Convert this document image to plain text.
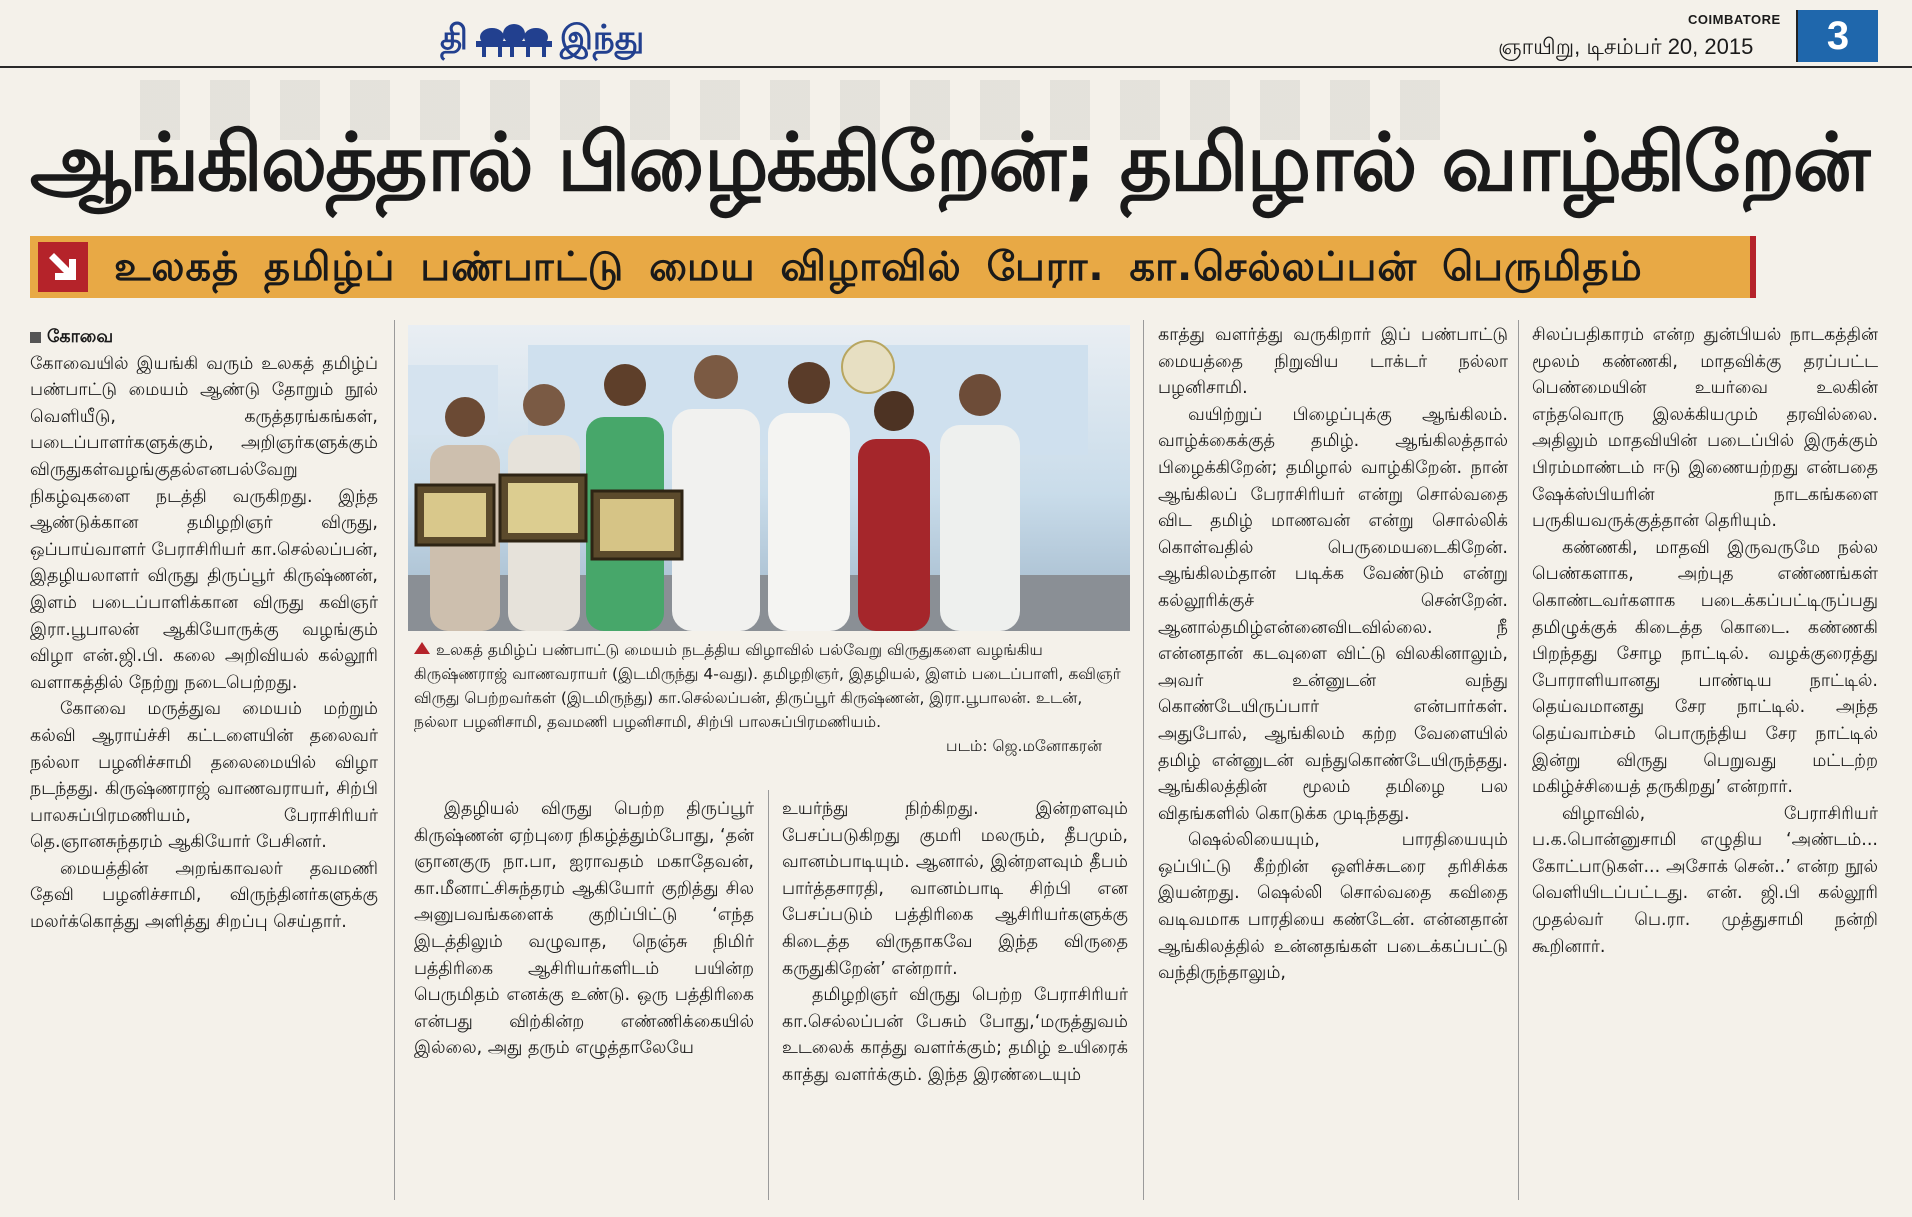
தி	இந்து	COIMBATORE
ஞாயிறு, டிசம்பர் 20, 2015	3
ஆங்கிலத்தால் பிழைக்கிறேன்; தமிழால் வாழ்கிறேன்
உலகத் தமிழ்ப் பண்பாட்டு மைய விழாவில் பேரா. கா.செல்லப்பன் பெருமிதம்
கோவை

கோவையில் இயங்கி வரும் உலகத் தமிழ்ப் பண்பாட்டு மையம் ஆண்டு தோறும் நூல் வெளியீடு, கருத்தரங்கங்கள், படைப்பாளர்களுக்கும், அறிஞர்களுக்கும் விருதுகள்வழங்குதல்எனபல்வேறு நிகழ்வுகளை நடத்தி வருகிறது. இந்த ஆண்டுக்கான தமிழறிஞர் விருது, ஒப்பாய்வாளர் பேராசிரியர் கா.செல்லப்பன், இதழியலாளர் விருது திருப்பூர் கிருஷ்ணன், இளம் படைப்பாளிக்கான விருது கவிஞர் இரா.பூபாலன் ஆகியோருக்கு வழங்கும் விழா என்.ஜி.பி. கலை அறிவியல் கல்லூரி வளாகத்தில் நேற்று நடைபெற்றது.

கோவை மருத்துவ மையம் மற்றும் கல்வி ஆராய்ச்சி கட்டளையின் தலைவர் நல்லா பழனிச்சாமி தலைமையில் விழா நடந்தது. கிருஷ்ணராஜ் வாணவராயர், சிற்பி பாலசுப்பிரமணியம், பேராசிரியர் தெ.ஞானசுந்தரம் ஆகியோர் பேசினர்.

மையத்தின் அறங்காவலர் தவமணி தேவி பழனிச்சாமி, விருந்தினர்களுக்கு மலர்க்கொத்து அளித்து சிறப்பு செய்தார்.

உலகத் தமிழ்ப் பண்பாட்டு மையம் நடத்திய விழாவில் பல்வேறு விருதுகளை வழங்கிய கிருஷ்ணராஜ் வாணவராயர் (இடமிருந்து 4-வது). தமிழறிஞர், இதழியல், இளம் படைப்பாளி, கவிஞர் விருது பெற்றவர்கள் (இடமிருந்து) கா.செல்லப்பன், திருப்பூர் கிருஷ்ணன், இரா.பூபாலன். உடன், நல்லா பழனிசாமி, தவமணி பழனிசாமி, சிற்பி பாலசுப்பிரமணியம்.
படம்: ஜெ.மனோகரன்

இதழியல் விருது பெற்ற திருப்பூர் கிருஷ்ணன் ஏற்புரை நிகழ்த்தும்போது, ‘தன் ஞானகுரு நா.பா, ஐராவதம் மகாதேவன், கா.மீனாட்சிசுந்தரம் ஆகியோர் குறித்து சில அனுபவங்களைக் குறிப்பிட்டு ‘எந்த இடத்திலும் வழுவாத, நெஞ்சு நிமிர் பத்திரிகை ஆசிரியர்களிடம் பயின்ற பெருமிதம் எனக்கு உண்டு. ஒரு பத்திரிகை என்பது விற்கின்ற எண்ணிக்கையில் இல்லை, அது தரும் எழுத்தாலேயே

உயர்ந்து நிற்கிறது. இன்றளவும் பேசப்படுகிறது குமரி மலரும், தீபமும், வானம்பாடியும். ஆனால், இன்றளவும் தீபம் பார்த்தசாரதி, வானம்பாடி சிற்பி என பேசப்படும் பத்திரிகை ஆசிரியர்களுக்கு கிடைத்த விருதாகவே இந்த விருதை கருதுகிறேன்’ என்றார்.

தமிழறிஞர் விருது பெற்ற பேராசிரியர் கா.செல்லப்பன் பேசும் போது,‘மருத்துவம் உடலைக் காத்து வளர்க்கும்; தமிழ் உயிரைக் காத்து வளர்க்கும். இந்த இரண்டையும்

காத்து வளர்த்து வருகிறார் இப் பண்பாட்டு மையத்தை நிறுவிய டாக்டர் நல்லா பழனிசாமி.

வயிற்றுப் பிழைப்புக்கு ஆங்கிலம். வாழ்க்கைக்குத் தமிழ். ஆங்கிலத்தால் பிழைக்கிறேன்; தமிழால் வாழ்கிறேன். நான் ஆங்கிலப் பேராசிரியர் என்று சொல்வதை விட தமிழ் மாணவன் என்று சொல்லிக் கொள்வதில் பெருமையடைகிறேன். ஆங்கிலம்தான் படிக்க வேண்டும் என்று கல்லூரிக்குச் சென்றேன். ஆனால்தமிழ்என்னைவிடவில்லை. நீ என்னதான் கடவுளை விட்டு விலகினாலும், அவர் உன்னுடன் வந்து கொண்டேயிருப்பார் என்பார்கள். அதுபோல், ஆங்கிலம் கற்ற வேளையில் தமிழ் என்னுடன் வந்துகொண்டேயிருந்தது. ஆங்கிலத்தின் மூலம் தமிழை பல விதங்களில் கொடுக்க முடிந்தது.

ஷெல்லியையும், பாரதியையும் ஒப்பிட்டு கீற்றின் ஒளிச்சுடரை தரிசிக்க இயன்றது. ஷெல்லி சொல்வதை கவிதை வடிவமாக பாரதியை கண்டேன். என்னதான் ஆங்கிலத்தில் உன்னதங்கள் படைக்கப்பட்டு வந்திருந்தாலும்,

சிலப்பதிகாரம் என்ற துன்பியல் நாடகத்தின் மூலம் கண்ணகி, மாதவிக்கு தரப்பட்ட பெண்மையின் உயர்வை உலகின் எந்தவொரு இலக்கியமும் தரவில்லை. அதிலும் மாதவியின் படைப்பில் இருக்கும் பிரம்மாண்டம் ஈடு இணையற்றது என்பதை ஷேக்ஸ்பியரின் நாடகங்களை பருகியவருக்குத்தான் தெரியும்.

கண்ணகி, மாதவி இருவருமே நல்ல பெண்களாக, அற்புத எண்ணங்கள் கொண்டவர்களாக படைக்கப்பட்டிருப்பது தமிழுக்குக் கிடைத்த கொடை. கண்ணகி பிறந்தது சோழ நாட்டில். வழக்குரைத்து போராளியானது பாண்டிய நாட்டில். தெய்வமானது சேர நாட்டில். அந்த தெய்வாம்சம் பொருந்திய சேர நாட்டில் இன்று விருது பெறுவது மட்டற்ற மகிழ்ச்சியைத் தருகிறது’ என்றார்.

விழாவில், பேராசிரியர் ப.க.பொன்னுசாமி எழுதிய ‘அண்டம்... கோட்பாடுகள்... அசோக் சென்..’ என்ற நூல் வெளியிடப்பட்டது. என். ஜி.பி கல்லூரி முதல்வர் பெ.ரா. முத்துசாமி நன்றி கூறினார்.
